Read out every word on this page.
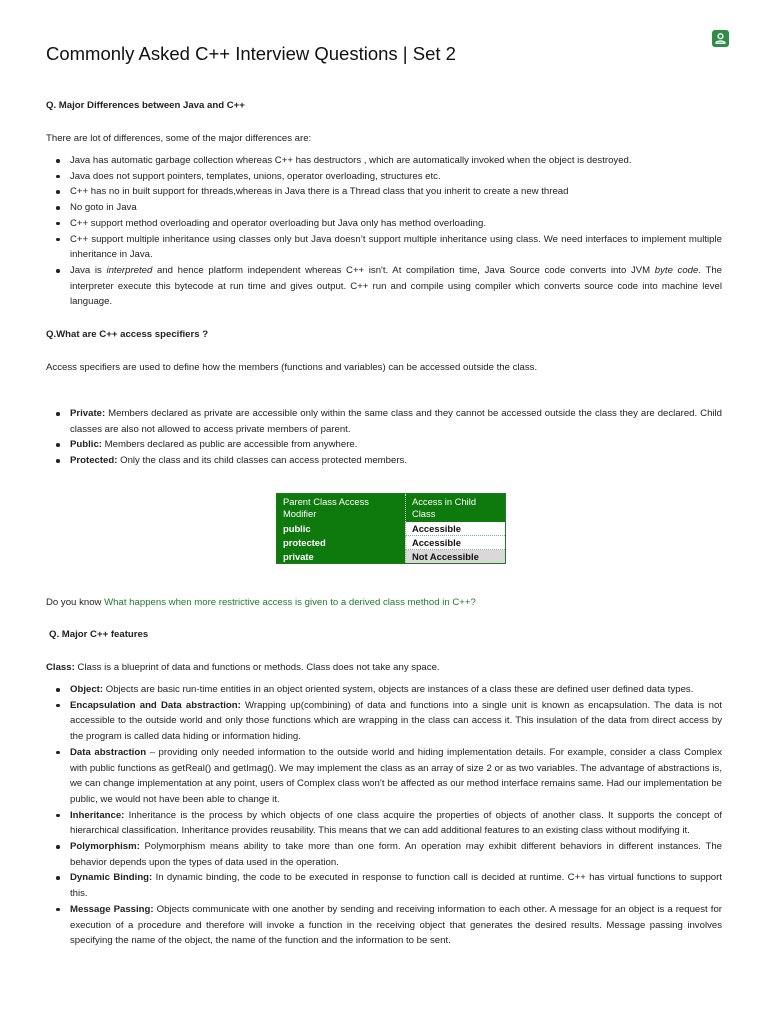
Commonly Asked C++ Interview Questions | Set 2

Q. Major Differences between Java and C++

There are lot of differences, some of the major differences are:

Java has automatic garbage collection whereas C++ has destructors , which are automatically invoked when the object is destroyed.
Java does not support pointers, templates, unions, operator overloading, structures etc.
C++ has no in built support for threads,whereas in Java there is a Thread class that you inherit to create a new thread
No goto in Java
C++ support method overloading and operator overloading but Java only has method overloading.
C++ support multiple inheritance using classes only but Java doesn’t support multiple inheritance using class. We need interfaces to implement multiple inheritance in Java.
Java is interpreted and hence platform independent whereas C++ isn't. At compilation time, Java Source code converts into JVM byte code. The interpreter execute this bytecode at run time and gives output. C++ run and compile using compiler which converts source code into machine level language.

Q.What are C++ access specifiers ?

Access specifiers are used to define how the members (functions and variables) can be accessed outside the class.

Private: Members declared as private are accessible only within the same class and they cannot be accessed outside the class they are declared. Child classes are also not allowed to access private members of parent.
Public: Members declared as public are accessible from anywhere.
Protected: Only the class and its child classes can access protected members.
Parent Class Access Modifier	Access in Child Class
public	Accessible
protected	Accessible
private	Not Accessible

Do you know What happens when more restrictive access is given to a derived class method in C++?

Q. Major C++ features

Class: Class is a blueprint of data and functions or methods. Class does not take any space.

Object: Objects are basic run-time entities in an object oriented system, objects are instances of a class these are defined user defined data types.
Encapsulation and Data abstraction: Wrapping up(combining) of data and functions into a single unit is known as encapsulation. The data is not accessible to the outside world and only those functions which are wrapping in the class can access it. This insulation of the data from direct access by the program is called data hiding or information hiding.
Data abstraction – providing only needed information to the outside world and hiding implementation details. For example, consider a class Complex with public functions as getReal() and getImag(). We may implement the class as an array of size 2 or as two variables. The advantage of abstractions is, we can change implementation at any point, users of Complex class won’t be affected as our method interface remains same. Had our implementation be public, we would not have been able to change it.
Inheritance: Inheritance is the process by which objects of one class acquire the properties of objects of another class. It supports the concept of hierarchical classification. Inheritance provides reusability. This means that we can add additional features to an existing class without modifying it.
Polymorphism: Polymorphism means ability to take more than one form. An operation may exhibit different behaviors in different instances. The behavior depends upon the types of data used in the operation.
Dynamic Binding: In dynamic binding, the code to be executed in response to function call is decided at runtime. C++ has virtual functions to support this.
Message Passing: Objects communicate with one another by sending and receiving information to each other. A message for an object is a request for execution of a procedure and therefore will invoke a function in the receiving object that generates the desired results. Message passing involves specifying the name of the object, the name of the function and the information to be sent.
